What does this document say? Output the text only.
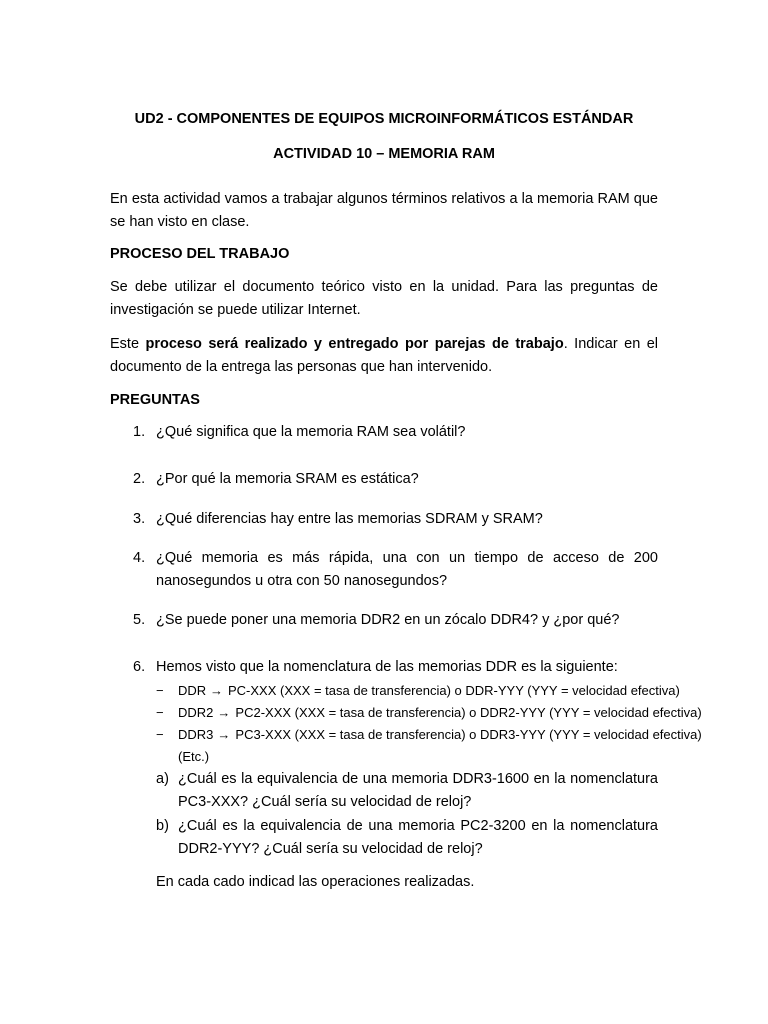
UD2 - COMPONENTES DE EQUIPOS MICROINFORMÁTICOS ESTÁNDAR
ACTIVIDAD 10 – MEMORIA RAM

En esta actividad vamos a trabajar algunos términos relativos a la memoria RAM que se han visto en clase.

PROCESO DEL TRABAJO

Se debe utilizar el documento teórico visto en la unidad. Para las preguntas de investigación se puede utilizar Internet.

Este proceso será realizado y entregado por parejas de trabajo. Indicar en el documento de la entrega las personas que han intervenido.

PREGUNTAS
1. ¿Qué significa que la memoria RAM sea volátil?
2. ¿Por qué la memoria SRAM es estática?
3. ¿Qué diferencias hay entre las memorias SDRAM y SRAM?
4. ¿Qué memoria es más rápida, una con un tiempo de acceso de 200 nanosegundos u otra con 50 nanosegundos?
5. ¿Se puede poner una memoria DDR2 en un zócalo DDR4? y ¿por qué?
6. Hemos visto que la nomenclatura de las memorias DDR es la siguiente:
− DDR → PC-XXX (XXX = tasa de transferencia) o DDR-YYY (YYY = velocidad efectiva)
− DDR2 → PC2-XXX (XXX = tasa de transferencia) o DDR2-YYY (YYY = velocidad efectiva)
− DDR3 → PC3-XXX (XXX = tasa de transferencia) o DDR3-YYY (YYY = velocidad efectiva)
(Etc.)
a) ¿Cuál es la equivalencia de una memoria DDR3-1600 en la nomenclatura PC3-XXX? ¿Cuál sería su velocidad de reloj?
b) ¿Cuál es la equivalencia de una memoria PC2-3200 en la nomenclatura DDR2-YYY? ¿Cuál sería su velocidad de reloj?

En cada cado indicad las operaciones realizadas.
